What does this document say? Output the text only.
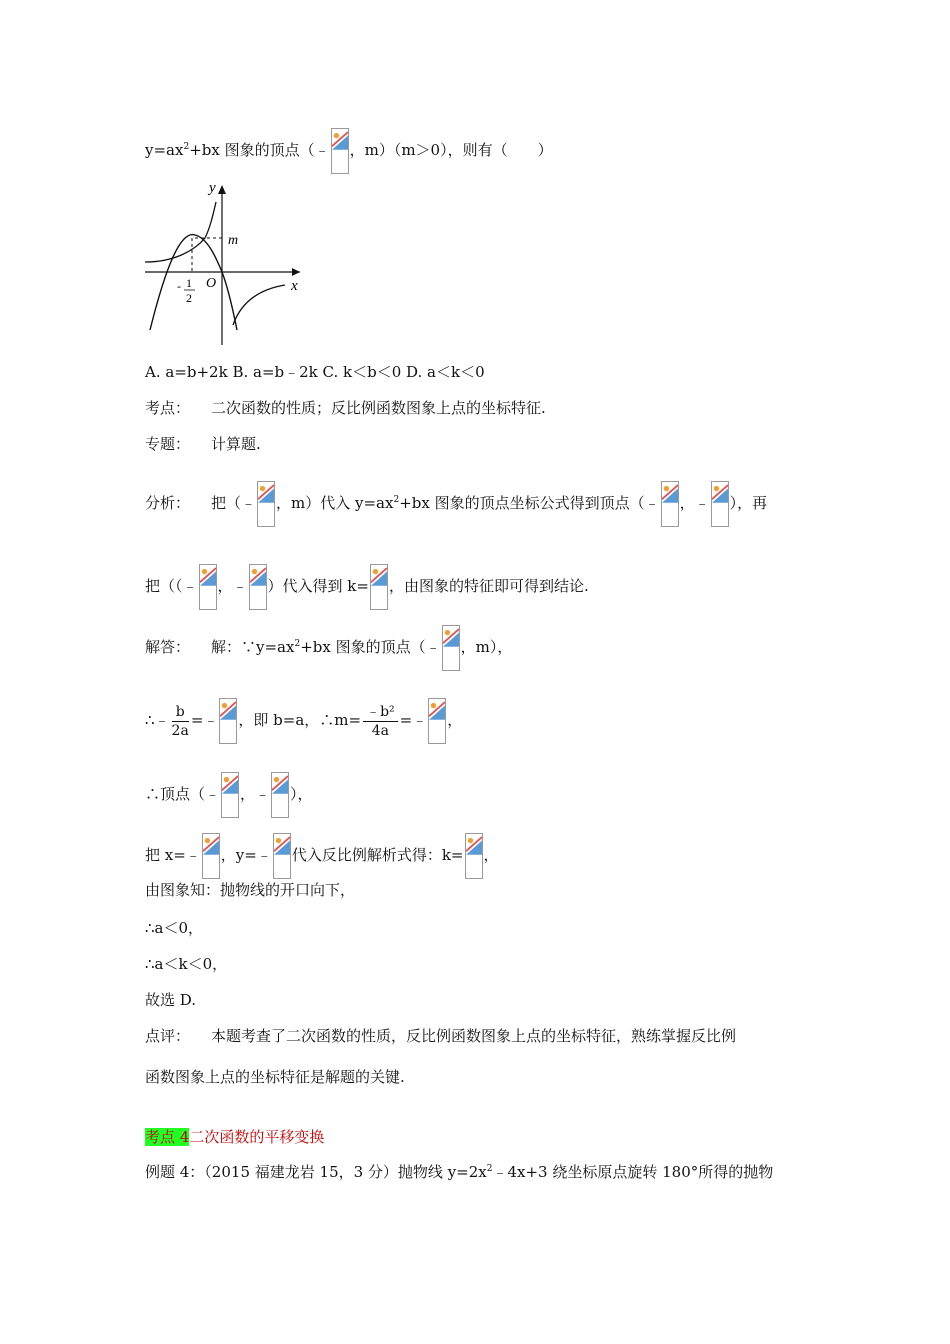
$y=ax^2+bx$ 图象的顶点（﹣ ，m）（m＞0），则有（　　）
y
x
m
O
- 1
2
A. a=b+2k B. a=b﹣2k C. k＜b＜0 D. a＜k＜0
考点： 二次函数的性质；反比例函数图象上点的坐标特征.
专题： 计算题.
分析： 把（﹣ ，m）代入 $y=ax^2+bx$ 图象的顶点坐标公式得到顶点（﹣ ，﹣ ），再
把（（﹣ ，﹣ ）代入得到 k= ，由图象的特征即可得到结论.
解答： 解：$\because y=ax^2+bx$ 图象的顶点（﹣ ，m），
∴﹣ $\frac{b}{2a}$ =﹣ ，即 b=a，∴m= $\frac{\text{﹣b²}}{4a}$ =﹣ ，
∴顶点（﹣ ，﹣ ），
把 x=﹣ ，y=﹣ 代入反比例解析式得：k= ，
由图象知：抛物线的开口向下，
∴a＜0，
∴a＜k＜0，
故选 D.
点评： 本题考查了二次函数的性质，反比例函数图象上点的坐标特征，熟练掌握反比例
函数图象上点的坐标特征是解题的关键.
考点 4二次函数的平移变换
例题 4：（2015 福建龙岩 15，3 分）抛物线 $y=2x^2﹣4x+3$ 绕坐标原点旋转 180°所得的抛物
